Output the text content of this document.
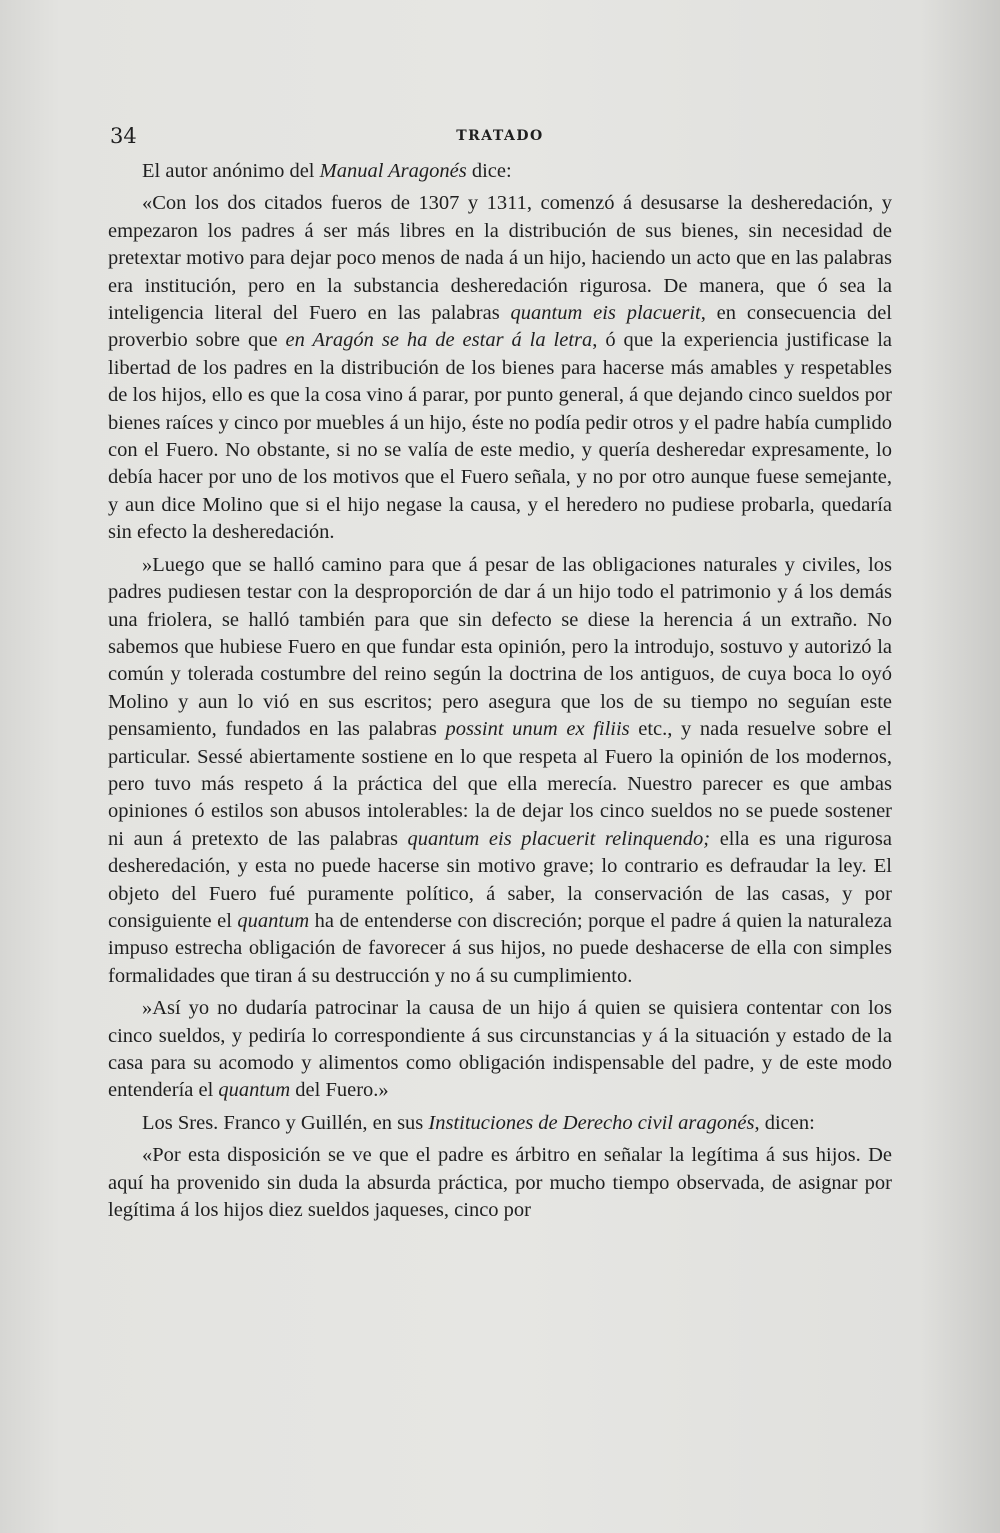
34	TRATADO

El autor anónimo del Manual Aragonés dice:

«Con los dos citados fueros de 1307 y 1311, comenzó á desusarse la desheredación, y empezaron los padres á ser más libres en la distribución de sus bienes, sin necesidad de pretextar motivo para dejar poco menos de nada á un hijo, haciendo un acto que en las palabras era institución, pero en la substancia desheredación rigurosa. De manera, que ó sea la inteligencia literal del Fuero en las palabras quantum eis placuerit, en consecuencia del proverbio sobre que en Aragón se ha de estar á la letra, ó que la experiencia justificase la libertad de los padres en la distribución de los bienes para hacerse más amables y respetables de los hijos, ello es que la cosa vino á parar, por punto general, á que dejando cinco sueldos por bienes raíces y cinco por muebles á un hijo, éste no podía pedir otros y el padre había cumplido con el Fuero. No obstante, si no se valía de este medio, y quería desheredar expresamente, lo debía hacer por uno de los motivos que el Fuero señala, y no por otro aunque fuese semejante, y aun dice Molino que si el hijo negase la causa, y el heredero no pudiese probarla, quedaría sin efecto la desheredación.

»Luego que se halló camino para que á pesar de las obligaciones naturales y civiles, los padres pudiesen testar con la desproporción de dar á un hijo todo el patrimonio y á los demás una friolera, se halló también para que sin defecto se diese la herencia á un extraño. No sabemos que hubiese Fuero en que fundar esta opinión, pero la introdujo, sostuvo y autorizó la común y tolerada costumbre del reino según la doctrina de los antiguos, de cuya boca lo oyó Molino y aun lo vió en sus escritos; pero asegura que los de su tiempo no seguían este pensamiento, fundados en las palabras possint unum ex filiis etc., y nada resuelve sobre el particular. Sessé abiertamente sostiene en lo que respeta al Fuero la opinión de los modernos, pero tuvo más respeto á la práctica del que ella merecía. Nuestro parecer es que ambas opiniones ó estilos son abusos intolerables: la de dejar los cinco sueldos no se puede sostener ni aun á pretexto de las palabras quantum eis placuerit relinquendo; ella es una rigurosa desheredación, y esta no puede hacerse sin motivo grave; lo contrario es defraudar la ley. El objeto del Fuero fué puramente político, á saber, la conservación de las casas, y por consiguiente el quantum ha de entenderse con discreción; porque el padre á quien la naturaleza impuso estrecha obligación de favorecer á sus hijos, no puede deshacerse de ella con simples formalidades que tiran á su destrucción y no á su cumplimiento.

»Así yo no dudaría patrocinar la causa de un hijo á quien se quisiera contentar con los cinco sueldos, y pediría lo correspondiente á sus circunstancias y á la situación y estado de la casa para su acomodo y alimentos como obligación indispensable del padre, y de este modo entendería el quantum del Fuero.»

Los Sres. Franco y Guillén, en sus Instituciones de Derecho civil aragonés, dicen:

«Por esta disposición se ve que el padre es árbitro en señalar la legítima á sus hijos. De aquí ha provenido sin duda la absurda práctica, por mucho tiempo observada, de asignar por legítima á los hijos diez sueldos jaqueses, cinco por
